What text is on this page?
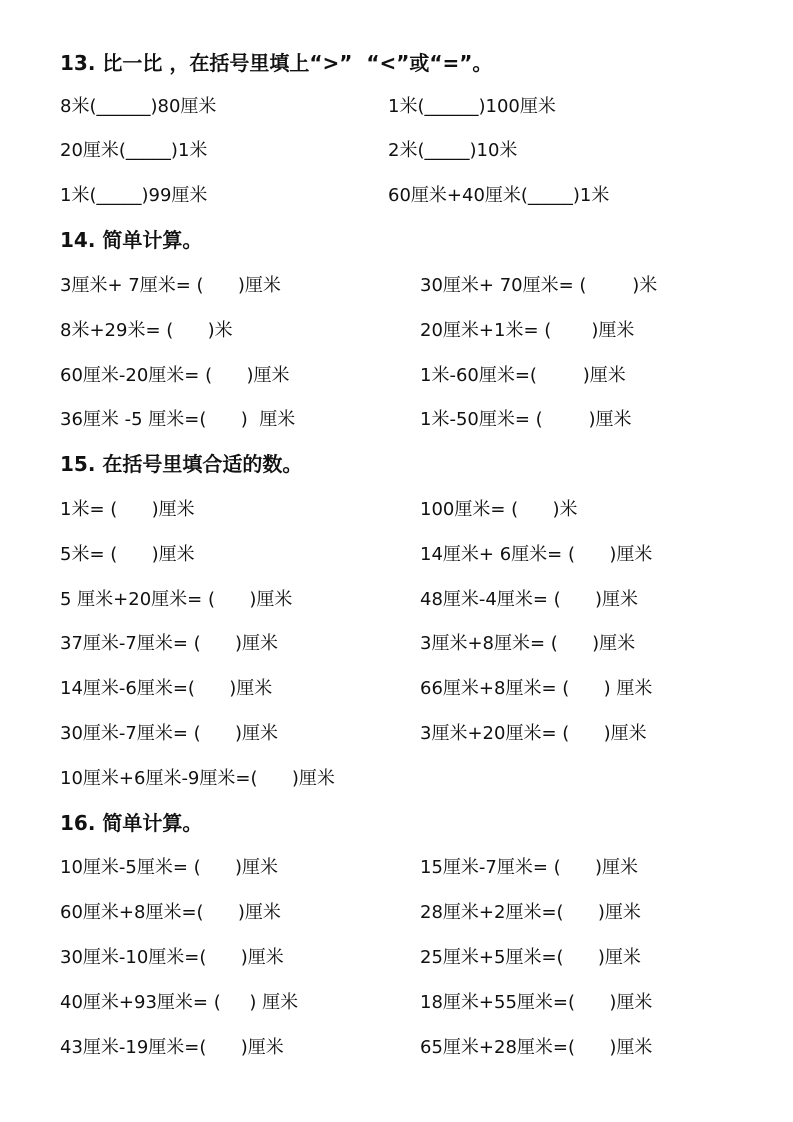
13. 比一比 ，在括号里填上“>”  “<”或“=”。
8米(______)80厘米	1米(______)100厘米
20厘米(_____)1米	2米(_____)10米
1米(_____)99厘米	60厘米+40厘米(_____)1米
14. 简单计算。
3厘米+ 7厘米= (      )厘米	30厘米+ 70厘米= (        )米
8米+29米= (      )米	20厘米+1米= (       )厘米
60厘米-20厘米= (      )厘米	1米-60厘米=(        )厘米
36厘米 -5 厘米=(      )  厘米	1米-50厘米= (        )厘米
15. 在括号里填合适的数。
1米= (      )厘米	100厘米= (      )米
5米= (      )厘米	14厘米+ 6厘米= (      )厘米
5 厘米+20厘米= (      )厘米	48厘米-4厘米= (      )厘米
37厘米-7厘米= (      )厘米	3厘米+8厘米= (      )厘米
14厘米-6厘米=(      )厘米	66厘米+8厘米= (      ) 厘米
30厘米-7厘米= (      )厘米	3厘米+20厘米= (      )厘米
10厘米+6厘米-9厘米=(      )厘米
16. 简单计算。
10厘米-5厘米= (      )厘米	15厘米-7厘米= (      )厘米
60厘米+8厘米=(      )厘米	28厘米+2厘米=(      )厘米
30厘米-10厘米=(      )厘米	25厘米+5厘米=(      )厘米
40厘米+93厘米= (     ) 厘米	18厘米+55厘米=(      )厘米
43厘米-19厘米=(      )厘米	65厘米+28厘米=(      )厘米
